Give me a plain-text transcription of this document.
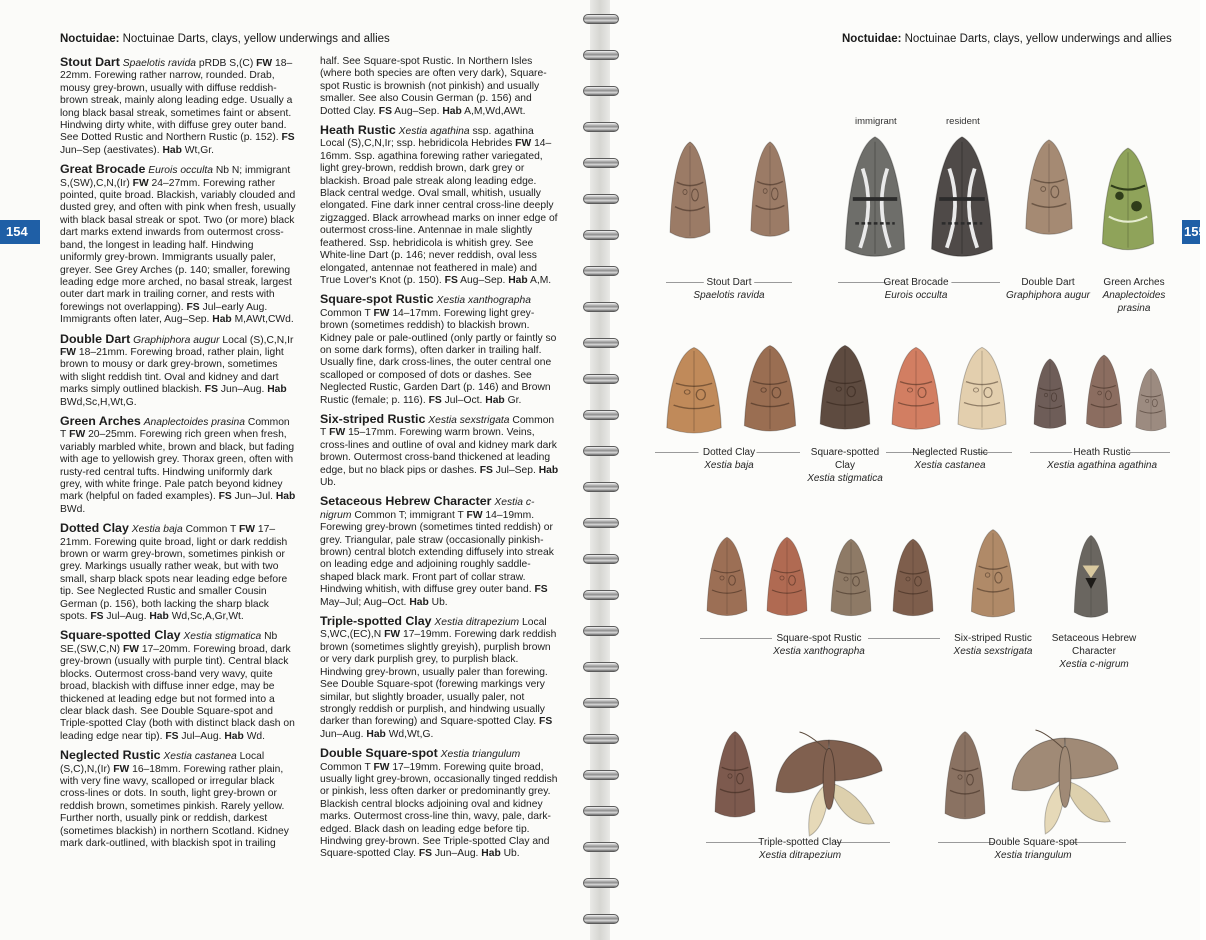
Noctuidae: Noctuinae Darts, clays, yellow underwings and allies	Noctuidae: Noctuinae Darts, clays, yellow underwings and allies
154	155
Stout Dart Spaelotis ravida pRDB S,(C) FW 18–22mm. Forewing rather narrow, rounded. Drab, mousy grey-brown, usually with diffuse reddish-brown streak, mainly along leading edge. Usually a long black basal streak, sometimes faint or absent. Hindwing dirty white, with diffuse grey outer band. See Dotted Rustic and Northern Rustic (p. 152). FS Jun–Sep (aestivates). Hab Wt,Gr.
Great Brocade Eurois occulta Nb N; immigrant S,(SW),C,N,(Ir) FW 24–27mm. Forewing rather pointed, quite broad. Blackish, variably clouded and dusted grey, and often with pink when fresh, usually with black basal streak or spot. Two (or more) black dart marks extend inwards from outermost cross-band, the longest in leading half. Hindwing uniformly grey-brown. Immigrants usually paler, greyer. See Grey Arches (p. 140; smaller, forewing leading edge more arched, no basal streak, largest outer dart mark in trailing corner, and rests with forewings not overlapping). FS Jul–early Aug. Immigrants often later, Aug–Sep. Hab M,AWt,CWd.
Double Dart Graphiphora augur Local (S),C,N,Ir FW 18–21mm. Forewing broad, rather plain, light brown to mousy or dark grey-brown, sometimes with slight reddish tint. Oval and kidney and dart marks simply outlined blackish. FS Jun–Aug. Hab BWd,Sc,H,Wt,G.
Green Arches Anaplectoides prasina Common T FW 20–25mm. Forewing rich green when fresh, variably marbled white, brown and black, but fading with age to yellowish grey. Thorax green, often with rusty-red central tufts. Hindwing uniformly dark grey, with white fringe. Pale patch beyond kidney mark (helpful on faded examples). FS Jun–Jul. Hab BWd.
Dotted Clay Xestia baja Common T FW 17–21mm. Forewing quite broad, light or dark reddish brown or warm grey-brown, sometimes pinkish or grey. Markings usually rather weak, but with two small, sharp black spots near leading edge before tip. See Neglected Rustic and smaller Cousin German (p. 156), both lacking the sharp black spots. FS Jul–Aug. Hab Wd,Sc,A,Gr,Wt.
Square-spotted Clay Xestia stigmatica Nb SE,(SW,C,N) FW 17–20mm. Forewing broad, dark grey-brown (usually with purple tint). Central black blocks. Outermost cross-band very wavy, quite broad, blackish with diffuse inner edge, may be thickened at leading edge but not formed into a clear black dash. See Double Square-spot and Triple-spotted Clay (both with distinct black dash on leading edge near tip). FS Jul–Aug. Hab Wd.
Neglected Rustic Xestia castanea Local (S,C),N,(Ir) FW 16–18mm. Forewing rather plain, with very fine wavy, scalloped or irregular black cross-lines or dots. In south, light grey-brown or reddish brown, sometimes pinkish. Rarely yellow. Further north, usually pink or reddish, darkest (sometimes blackish) in northern Scotland. Kidney mark dark-outlined, with blackish spot in trailing
half. See Square-spot Rustic. In Northern Isles (where both species are often very dark), Square-spot Rustic is brownish (not pinkish) and usually smaller. See also Cousin German (p. 156) and Dotted Clay. FS Aug–Sep. Hab A,M,Wd,AWt.
Heath Rustic Xestia agathina ssp. agathina Local (S),C,N,Ir; ssp. hebridicola Hebrides FW 14–16mm. Ssp. agathina forewing rather variegated, light grey-brown, reddish brown, dark grey or blackish. Broad pale streak along leading edge. Black central wedge. Oval small, whitish, usually elongated. Fine dark inner central cross-line deeply zigzagged. Black arrowhead marks on inner edge of outermost cross-line. Antennae in male slightly feathered. Ssp. hebridicola is whitish grey. See White-line Dart (p. 146; never reddish, oval less elongated, antennae not feathered in male) and True Lover's Knot (p. 150). FS Aug–Sep. Hab A,M.
Square-spot Rustic Xestia xanthographa Common T FW 14–17mm. Forewing light grey-brown (sometimes reddish) to blackish brown. Kidney pale or pale-outlined (only partly or faintly so on some dark forms), often darker in trailing half. Usually fine, dark cross-lines, the outer central one scalloped or composed of dots or dashes. See Neglected Rustic, Garden Dart (p. 146) and Brown Rustic (female; p. 116). FS Jul–Oct. Hab Gr.
Six-striped Rustic Xestia sexstrigata Common T FW 15–17mm. Forewing warm brown. Veins, cross-lines and outline of oval and kidney mark dark brown. Outermost cross-band thickened at leading edge, but no black pips or dashes. FS Jul–Sep. Hab Ub.
Setaceous Hebrew Character Xestia c-nigrum Common T; immigrant T FW 14–19mm. Forewing grey-brown (sometimes tinted reddish) or grey. Triangular, pale straw (occasionally pinkish-brown) central blotch extending diffusely into streak on leading edge and adjoining roughly saddle-shaped black mark. Front part of collar straw. Hindwing whitish, with diffuse grey outer band. FS May–Jul; Aug–Oct. Hab Ub.
Triple-spotted Clay Xestia ditrapezium Local S,WC,(EC),N FW 17–19mm. Forewing dark reddish brown (sometimes slightly greyish), purplish brown or very dark purplish grey, to purplish black. Hindwing grey-brown, usually paler than forewing. See Double Square-spot (forewing markings very similar, but slightly broader, usually paler, not strongly reddish or purplish, and hindwing usually darker than forewing) and Square-spotted Clay. FS Jun–Aug. Hab Wd,Wt,G.
Double Square-spot Xestia triangulum Common T FW 17–19mm. Forewing quite broad, usually light grey-brown, occasionally tinged reddish or pinkish, less often darker or predominantly grey. Blackish central blocks adjoining oval and kidney marks. Outermost cross-line thin, wavy, pale, dark-edged. Black dash on leading edge before tip. Hindwing grey-brown. See Triple-spotted Clay and Square-spotted Clay. FS Jun–Aug. Hab Ub.
immigrant	resident
Stout Dart
Spaelotis ravida
Great Brocade
Eurois occulta
Double Dart
Graphiphora augur
Green Arches
Anaplectoides prasina
Dotted Clay
Xestia baja
Square-spotted Clay
Xestia stigmatica
Neglected Rustic
Xestia castanea
Heath Rustic
Xestia agathina agathina
Square-spot Rustic
Xestia xanthographa
Six-striped Rustic
Xestia sexstrigata
Setaceous Hebrew Character
Xestia c-nigrum
Triple-spotted Clay
Xestia ditrapezium
Double Square-spot
Xestia triangulum
